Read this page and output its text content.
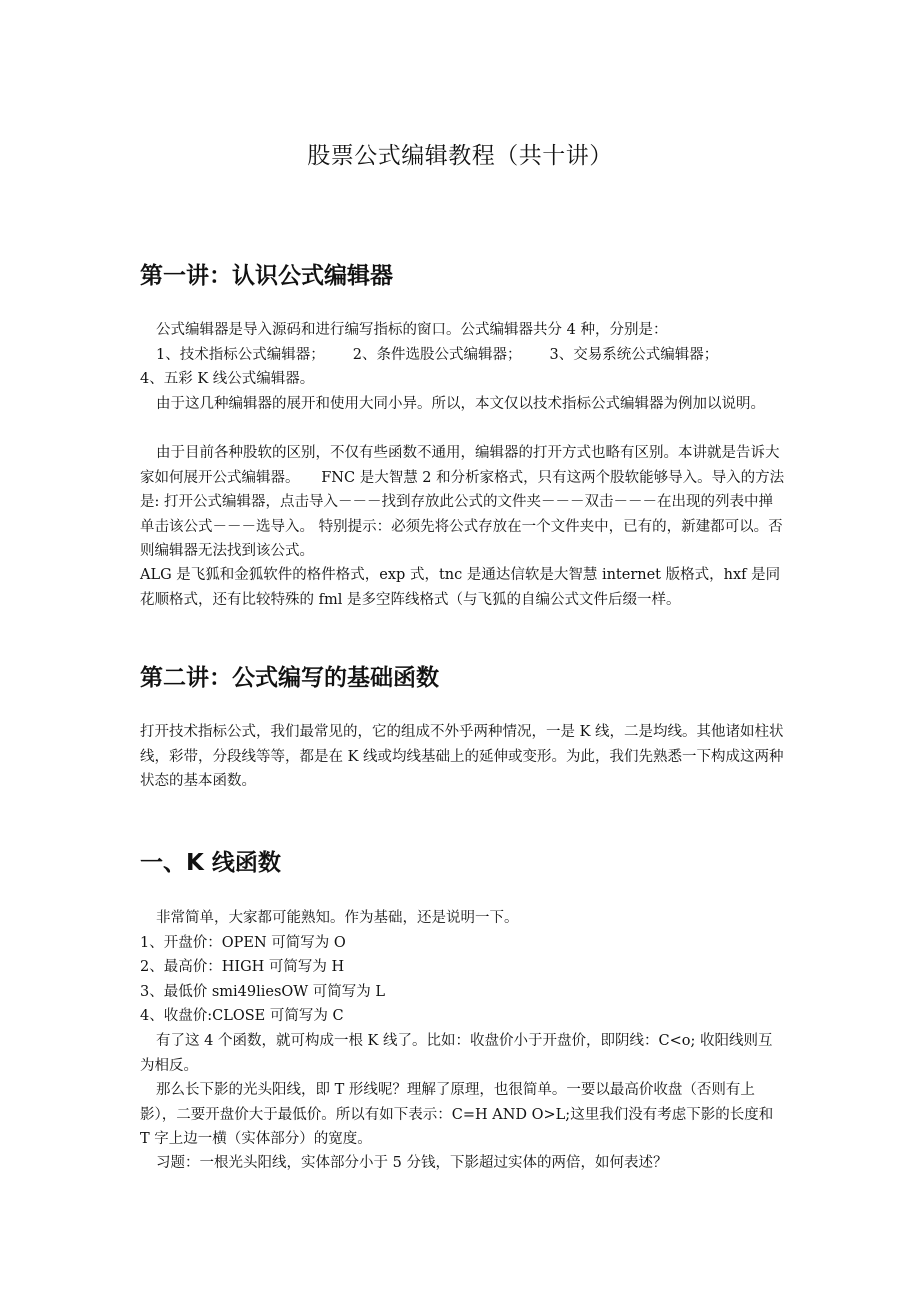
股票公式编辑教程（共十讲）
第一讲：认识公式编辑器
公式编辑器是导入源码和进行编写指标的窗口。公式编辑器共分 4 种，分别是：
1、技术指标公式编辑器； 2、条件选股公式编辑器； 3、交易系统公式编辑器；
4、五彩 K 线公式编辑器。

由于这几种编辑器的展开和使用大同小异。所以，本文仅以技术指标公式编辑器为例加以说明。

由于目前各种股软的区别，不仅有些函数不通用，编辑器的打开方式也略有区别。本讲就是告诉大家如何展开公式编辑器。　　FNC 是大智慧 2 和分析家格式，只有这两个股软能够导入。导入的方法是: 打开公式编辑器，点击导入－－－找到存放此公式的文件夹－－－双击－－－在出现的列表中掸单击该公式－－－选导入。 特别提示：必须先将公式存放在一个文件夹中，已有的，新建都可以。否则编辑器无法找到该公式。

ALG 是飞狐和金狐软件的格件格式，exp 式，tnc 是通达信软是大智慧 internet 版格式，hxf 是同花顺格式，还有比较特殊的 fml 是多空阵线格式（与飞狐的自编公式文件后缀一样。

第二讲：公式编写的基础函数

打开技术指标公式，我们最常见的，它的组成不外乎两种情况，一是 K 线，二是均线。其他诸如柱状线，彩带，分段线等等，都是在 K 线或均线基础上的延伸或变形。为此，我们先熟悉一下构成这两种状态的基本函数。

一、K 线函数
非常简单，大家都可能熟知。作为基础，还是说明一下。
1、开盘价：OPEN 可简写为 O
2、最高价：HIGH 可简写为 H
3、最低价 smi49liesOW 可简写为 L
4、收盘价:CLOSE 可简写为 C

有了这 4 个函数，就可构成一根 K 线了。比如：收盘价小于开盘价，即阴线：C<o; 收阳线则互为相反。

那么长下影的光头阳线，即 T 形线呢？理解了原理，也很简单。一要以最高价收盘（否则有上影），二要开盘价大于最低价。所以有如下表示：C=H AND O>L;这里我们没有考虑下影的长度和 T 字上边一横（实体部分）的宽度。

习题：一根光头阳线，实体部分小于 5 分钱，下影超过实体的两倍，如何表述？
